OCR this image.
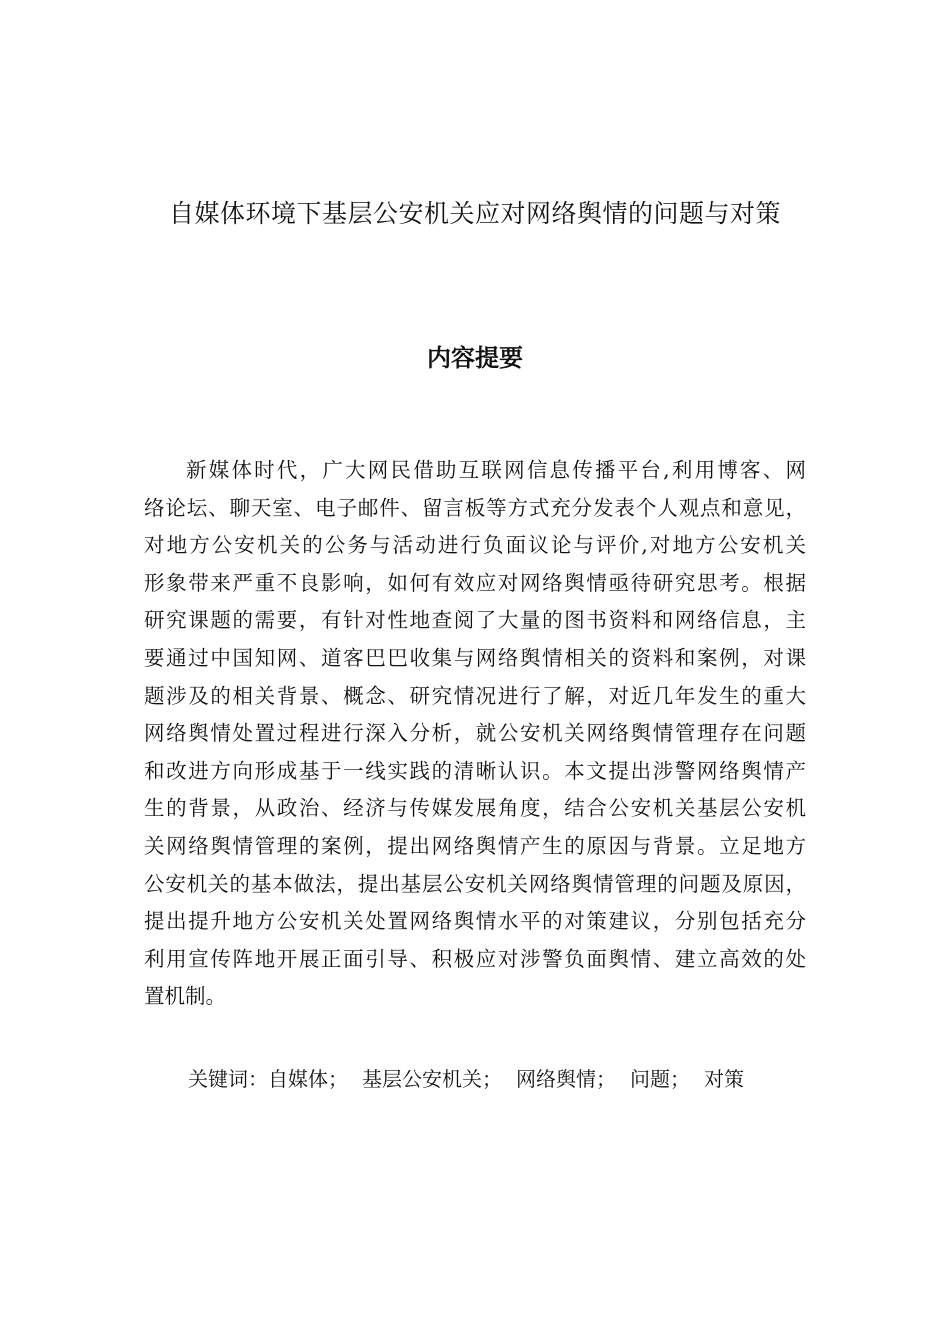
自媒体环境下基层公安机关应对网络舆情的问题与对策
内容提要
新媒体时代，广大网民借助互联网信息传播平台,利用博客、网
络论坛、聊天室、电子邮件、留言板等方式充分发表个人观点和意见，
对地方公安机关的公务与活动进行负面议论与评价,对地方公安机关
形象带来严重不良影响，如何有效应对网络舆情亟待研究思考。根据
研究课题的需要，有针对性地查阅了大量的图书资料和网络信息，主
要通过中国知网、道客巴巴收集与网络舆情相关的资料和案例，对课
题涉及的相关背景、概念、研究情况进行了解，对近几年发生的重大
网络舆情处置过程进行深入分析，就公安机关网络舆情管理存在问题
和改进方向形成基于一线实践的清晰认识。本文提出涉警网络舆情产
生的背景，从政治、经济与传媒发展角度，结合公安机关基层公安机
关网络舆情管理的案例，提出网络舆情产生的原因与背景。立足地方
公安机关的基本做法，提出基层公安机关网络舆情管理的问题及原因，
提出提升地方公安机关处置网络舆情水平的对策建议，分别包括充分
利用宣传阵地开展正面引导、积极应对涉警负面舆情、建立高效的处
置机制。
关键词：自媒体； 基层公安机关； 网络舆情； 问题； 对策
